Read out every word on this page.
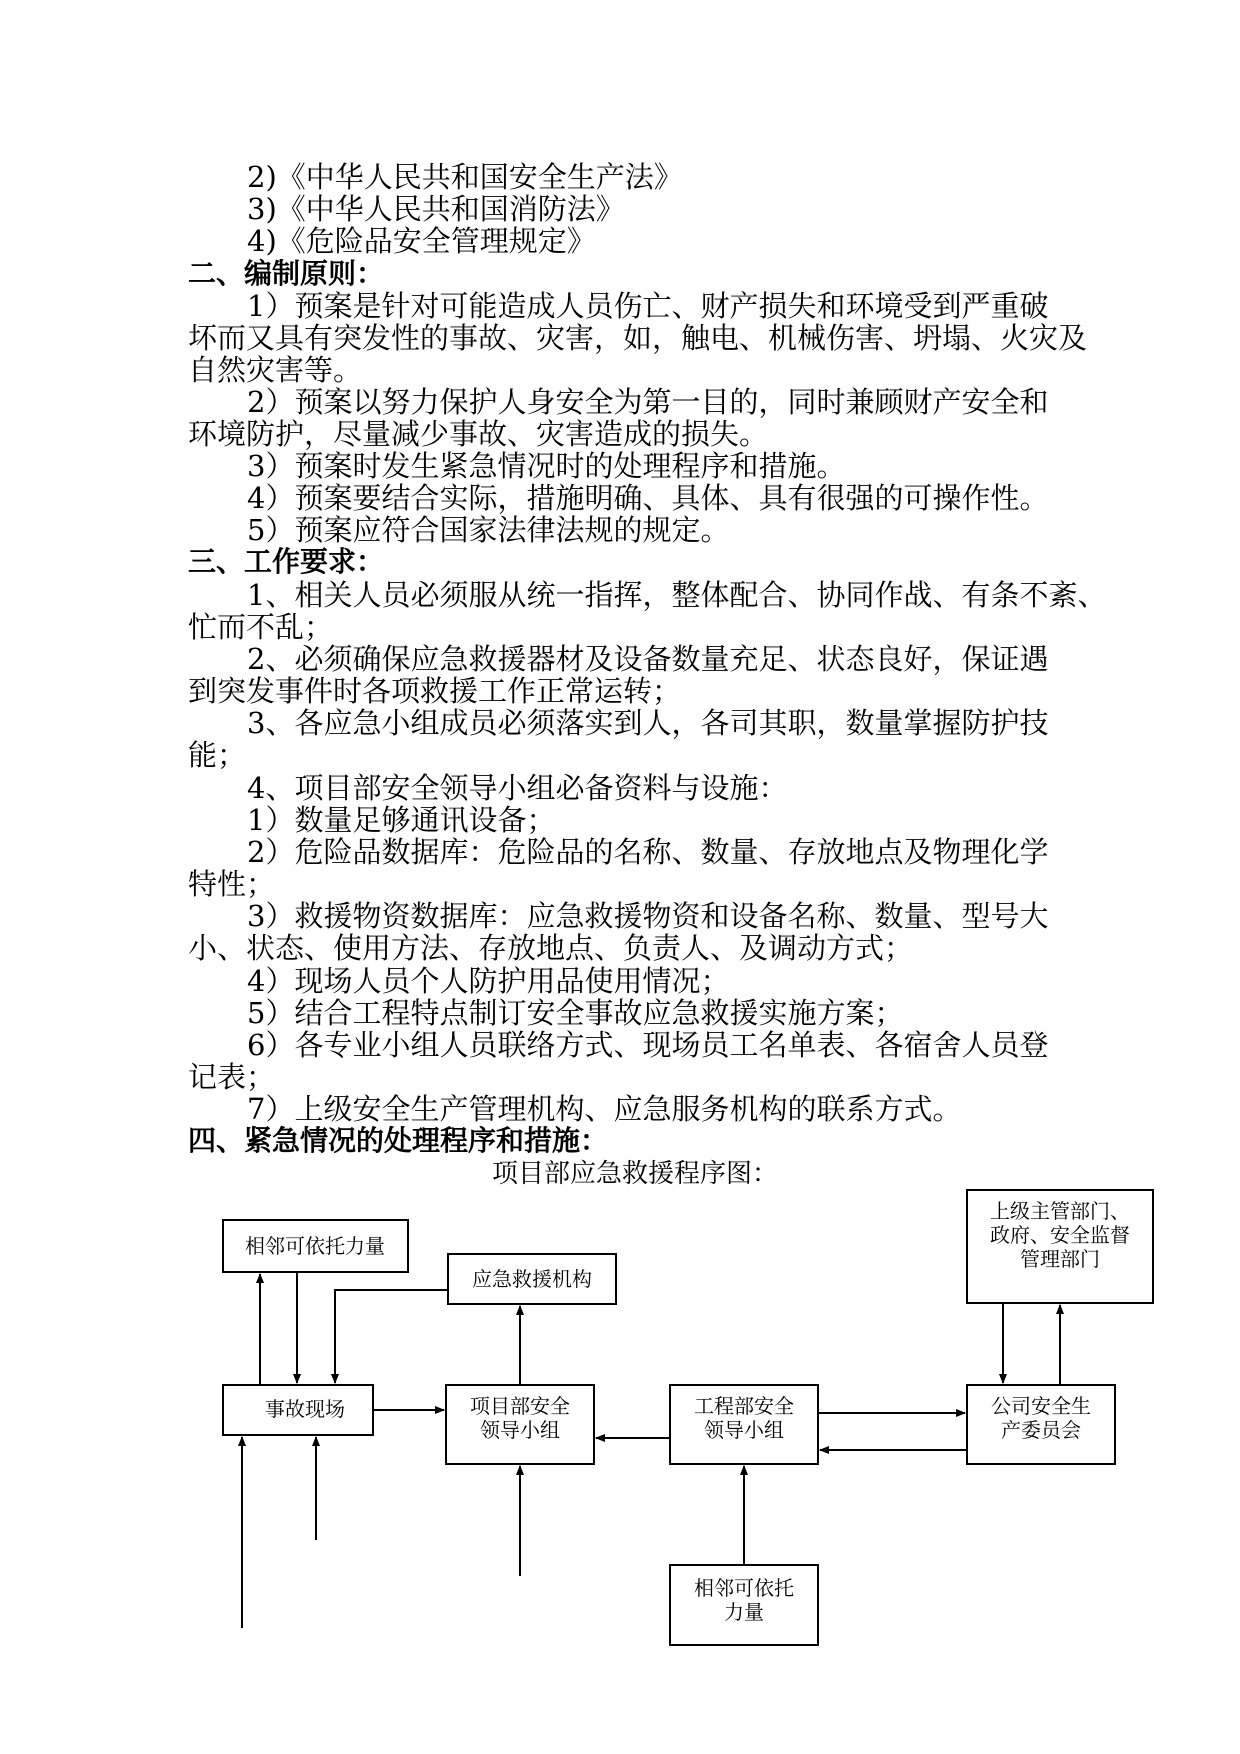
2)《中华人民共和国安全生产法》
3)《中华人民共和国消防法》
4)《危险品安全管理规定》
二、编制原则：
1）预案是针对可能造成人员伤亡、财产损失和环境受到严重破
坏而又具有突发性的事故、灾害，如，触电、机械伤害、坍塌、火灾及
自然灾害等。
2）预案以努力保护人身安全为第一目的，同时兼顾财产安全和
环境防护，尽量减少事故、灾害造成的损失。
3）预案时发生紧急情况时的处理程序和措施。
4）预案要结合实际，措施明确、具体、具有很强的可操作性。
5）预案应符合国家法律法规的规定。
三、工作要求：
1、相关人员必须服从统一指挥，整体配合、协同作战、有条不紊、
忙而不乱；
2、必须确保应急救援器材及设备数量充足、状态良好，保证遇
到突发事件时各项救援工作正常运转；
3、各应急小组成员必须落实到人，各司其职，数量掌握防护技
能；
4、项目部安全领导小组必备资料与设施：
1）数量足够通讯设备；
2）危险品数据库：危险品的名称、数量、存放地点及物理化学
特性；
3）救援物资数据库：应急救援物资和设备名称、数量、型号大
小、状态、使用方法、存放地点、负责人、及调动方式；
4）现场人员个人防护用品使用情况；
5）结合工程特点制订安全事故应急救援实施方案；
6）各专业小组人员联络方式、现场员工名单表、各宿舍人员登
记表；
7）上级安全生产管理机构、应急服务机构的联系方式。
四、紧急情况的处理程序和措施：
项目部应急救援程序图：
相邻可依托力量
应急救援机构
上级主管部门、
政府、安全监督
管理部门
事故现场	项目部安全
领导小组
工程部安全
领导小组
公司安全生
产委员会
相邻可依托
力量
